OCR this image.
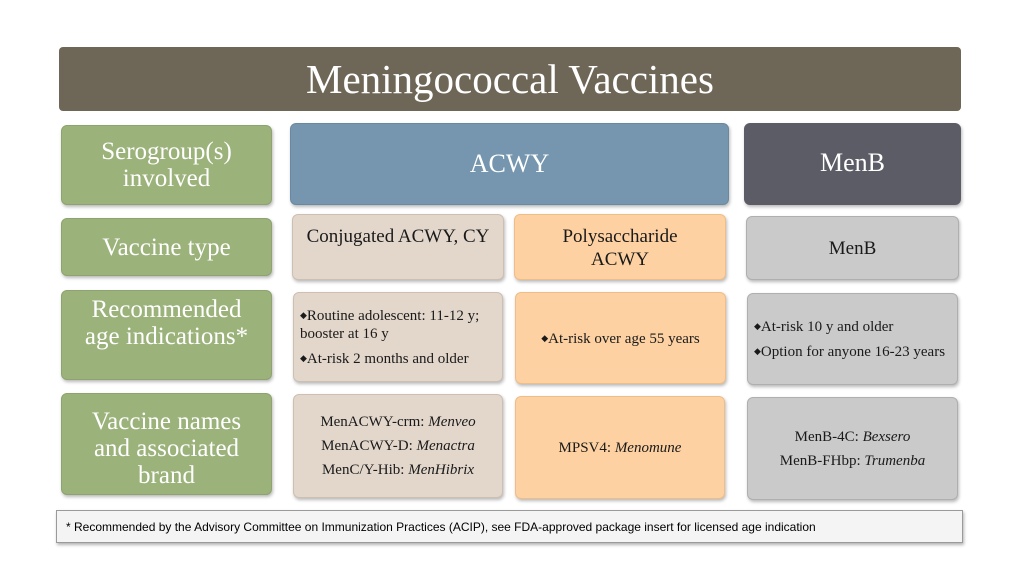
Meningococcal Vaccines
Serogroup(s) involved
Vaccine type
Recommended age indications*
Vaccine names and associated brand
ACWY	MenB
Conjugated ACWY, CY	Polysaccharide ACWY
MenB

◆Routine adolescent: 11-12 y; booster at 16 y

◆At-risk 2 months and older

◆At-risk over age 55 years

◆At-risk 10 y and older

◆Option for anyone 16-23 years

MenACWY-crm: Menveo
MenACWY-D: Menactra
MenC/Y-Hib: MenHibrix
MPSV4: Menomune
MenB-4C: Bexsero
MenB-FHbp: Trumenba
* Recommended by the Advisory Committee on Immunization Practices (ACIP), see FDA-approved package insert for licensed age indication
